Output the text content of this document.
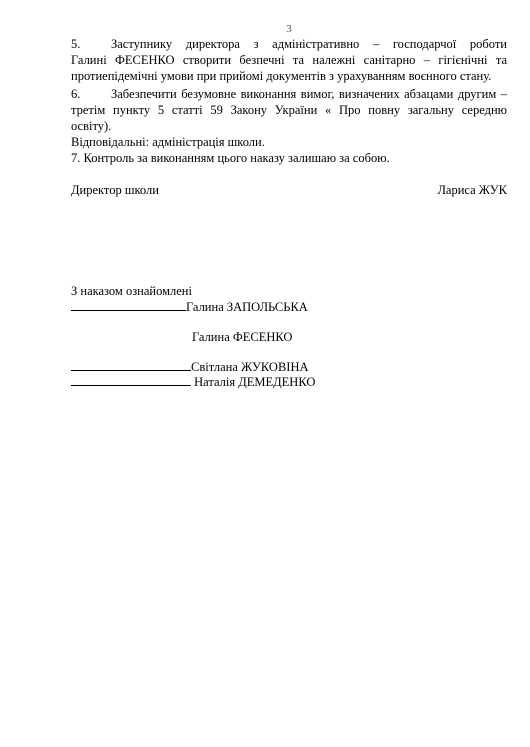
3
5. Заступнику директора з адміністративно – господарчої роботи
Галині ФЕСЕНКО створити безпечні та належні санітарно – гігієнічні та
протиепідемічні умови при прийомі документів з урахуванням воєнного стану.
6. Забезпечити безумовне виконання вимог, визначених абзацами другим –
третім пункту 5 статті 59 Закону України « Про повну загальну середню
освіту).
Відповідальні: адміністрація школи.
7. Контроль за виконанням цього наказу залишаю за собою.
Директор школи	Лариса ЖУК
З наказом ознайомлені
Галина ЗАПОЛЬСЬКА
Галина ФЕСЕНКО
Світлана ЖУКОВІНА
Наталія ДЕМЕДЕНКО
